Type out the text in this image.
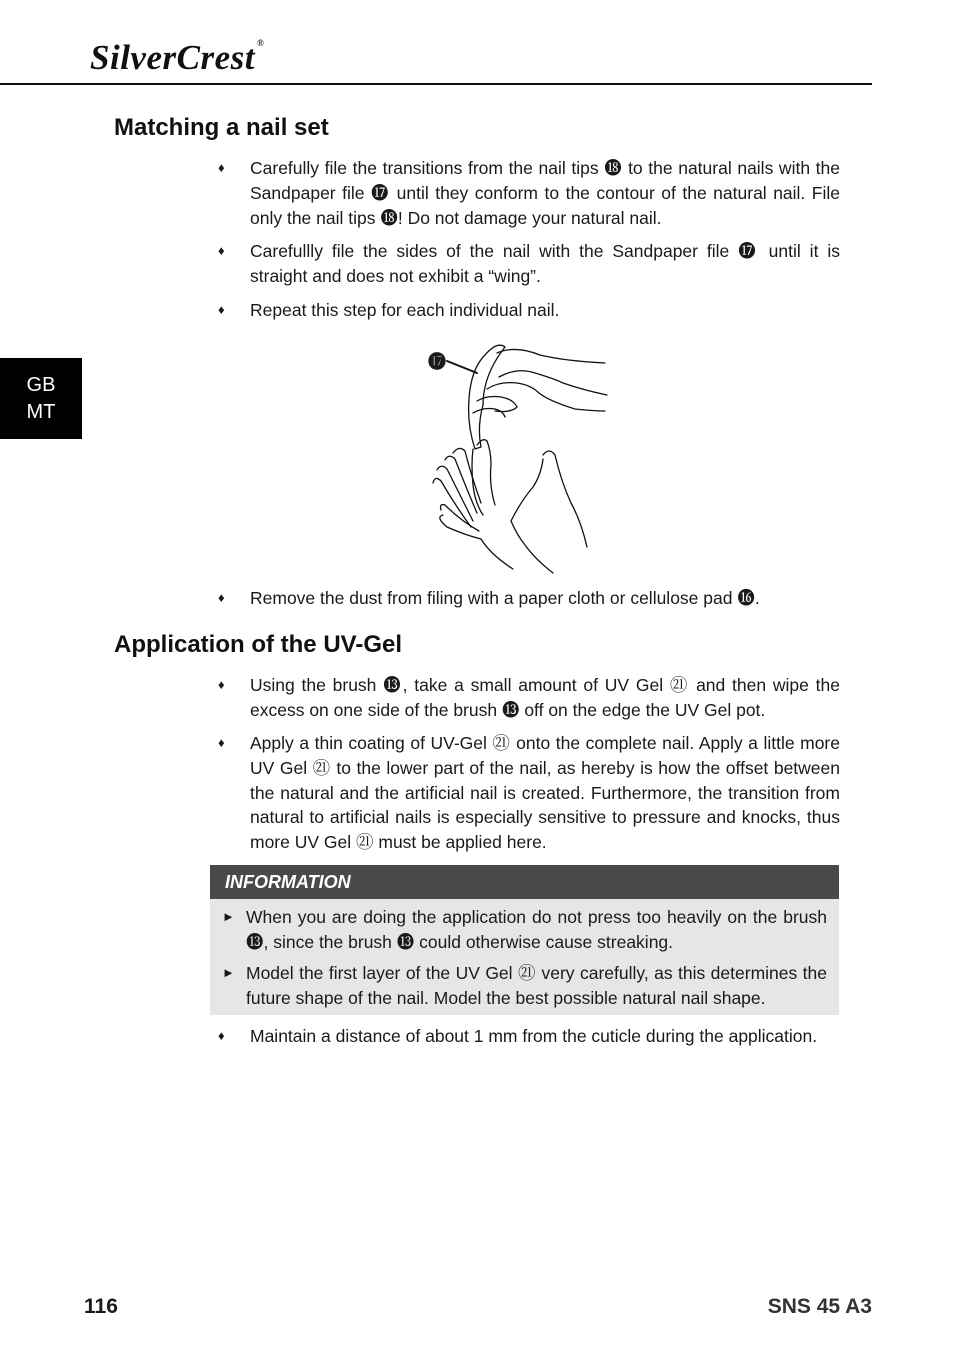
SilverCrest ®
GB
MT
Matching a nail set
♦ Carefully file the transitions from the nail tips ⓲ to the natural nails with the Sandpaper file ⓱ until they conform to the contour of the natural nail. File only the nail tips ⓲! Do not damage your natural nail.
♦ Carefullly file the sides of the nail with the Sandpaper file ⓱ until it is straight and does not exhibit a “wing”.
♦ Repeat this step for each individual nail.
⓱
♦ Remove the dust from filing with a paper cloth or cellulose pad ⓰.
Application of the UV-Gel
♦ Using the brush ⓭, take a small amount of UV Gel ㉑ and then wipe the excess on one side of the brush ⓭ off on the edge the UV Gel pot.
♦ Apply a thin coating of UV-Gel ㉑ onto the complete nail. Apply a little more UV Gel ㉑ to the lower part of the nail, as hereby is how the offset between the natural and the artificial nail is created. Furthermore, the transition from natural to artificial nails is especially sensitive to pressure and knocks, thus more UV Gel ㉑ must be applied here.
INFORMATION
► When you are doing the application do not press too heavily on the brush ⓭, since the brush ⓭ could otherwise cause streaking.
► Model the first layer of the UV Gel ㉑ very carefully, as this determines the future shape of the nail. Model the best possible natural nail shape.
♦ Maintain a distance of about 1 mm from the cuticle during the application.
116	SNS 45 A3
